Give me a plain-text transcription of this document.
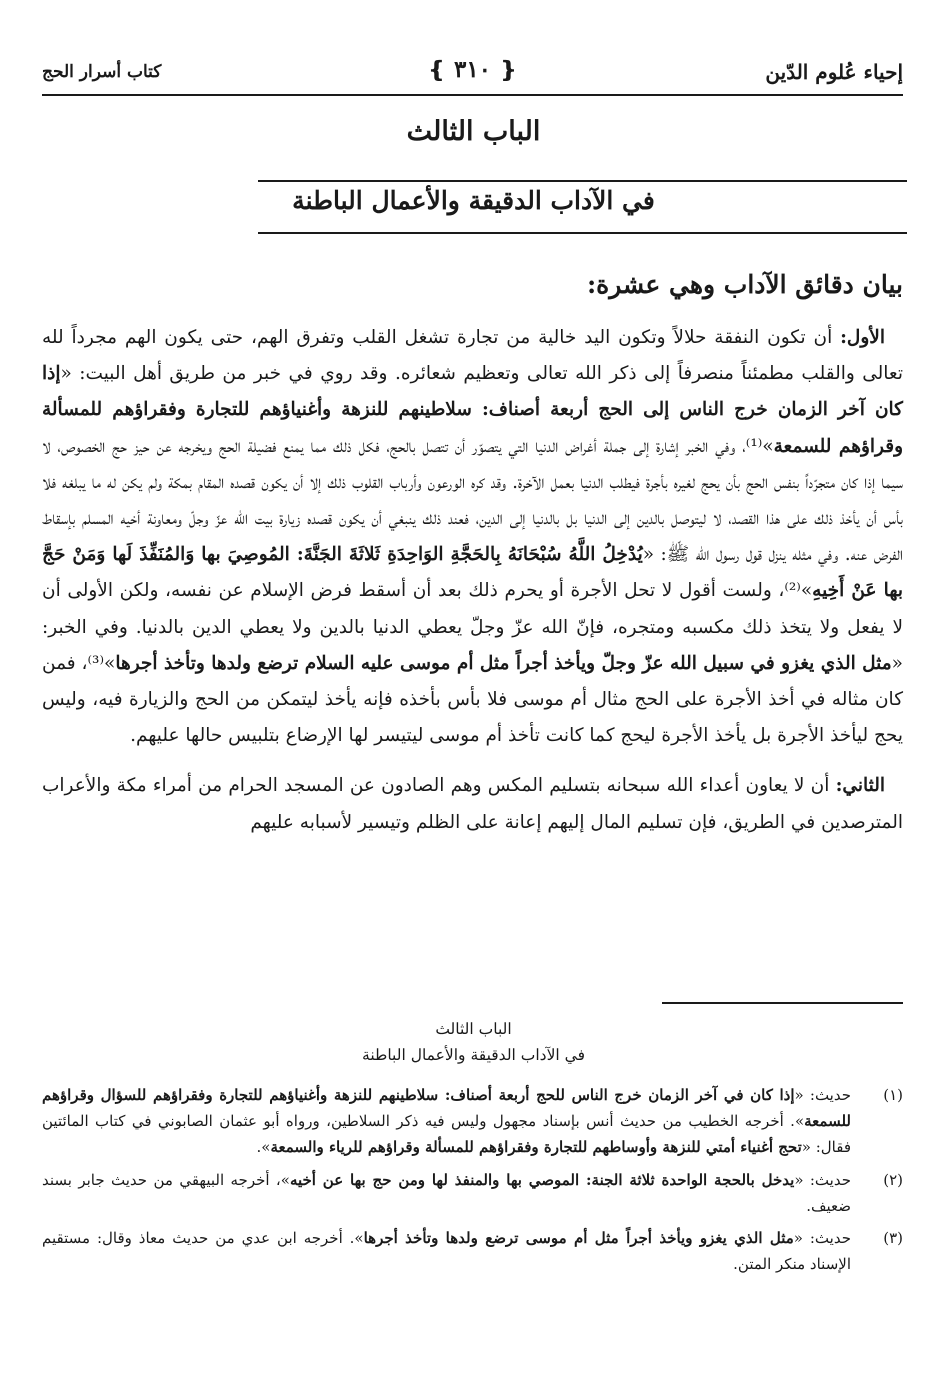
إحياء عُلوم الدّين
❴ ٣١٠ ❵
كتاب أسرار الحج
الباب الثالث
في الآداب الدقيقة والأعمال الباطنة
بيان دقائق الآداب وهي عشرة:

الأول: أن تكون النفقة حلالاً وتكون اليد خالية من تجارة تشغل القلب وتفرق الهم، حتى يكون الهم مجرداً لله تعالى والقلب مطمئناً منصرفاً إلى ذكر الله تعالى وتعظيم شعائره. وقد روي في خبر من طريق أهل البيت: «إذا كان آخر الزمان خرج الناس إلى الحج أربعة أصناف: سلاطينهم للنزهة وأغنياؤهم للتجارة وفقراؤهم للمسألة وقراؤهم للسمعة»⁽¹⁾، وفي الخبر إشارة إلى جملة أغراض الدنيا التي يتصوّر أن تتصل بالحج، فكل ذلك مما يمنع فضيلة الحج ويخرجه عن حيز حج الخصوص، لا سيما إذا كان متجرّداً بنفس الحج بأن يحج لغيره بأجرة فيطلب الدنيا بعمل الآخرة. وقد كره الورعون وأرباب القلوب ذلك إلا أن يكون قصده المقام بمكة ولم يكن له ما يبلغه فلا بأس أن يأخذ ذلك على هذا القصد، لا ليتوصل بالدين إلى الدنيا بل بالدنيا إلى الدين، فعند ذلك ينبغي أن يكون قصده زيارة بيت الله عزّ وجلّ ومعاونة أخيه المسلم بإسقاط الفرض عنه. وفي مثله ينزل قول رسول الله ﷺ: «يُدْخِلُ اللَّهُ سُبْحَانَهُ بِالحَجَّةِ الوَاحِدَةِ ثَلاثَةَ الجَنَّةَ: المُوصِيَ بها وَالمُنَفِّذَ لَها وَمَنْ حَجَّ بها عَنْ أَخِيهِ»⁽²⁾، ولست أقول لا تحل الأجرة أو يحرم ذلك بعد أن أسقط فرض الإسلام عن نفسه، ولكن الأولى أن لا يفعل ولا يتخذ ذلك مكسبه ومتجره، فإنّ الله عزّ وجلّ يعطي الدنيا بالدين ولا يعطي الدين بالدنيا. وفي الخبر: «مثل الذي يغزو في سبيل الله عزّ وجلّ ويأخذ أجراً مثل أم موسى عليه السلام ترضع ولدها وتأخذ أجرها»⁽³⁾، فمن كان مثاله في أخذ الأجرة على الحج مثال أم موسى فلا بأس بأخذه فإنه يأخذ ليتمكن من الحج والزيارة فيه، وليس يحج ليأخذ الأجرة بل يأخذ الأجرة ليحج كما كانت تأخذ أم موسى ليتيسر لها الإرضاع بتلبيس حالها عليهم.

الثاني: أن لا يعاون أعداء الله سبحانه بتسليم المكس وهم الصادون عن المسجد الحرام من أمراء مكة والأعراب المترصدين في الطريق، فإن تسليم المال إليهم إعانة على الظلم وتيسير لأسبابه عليهم

الباب الثالث
في الآداب الدقيقة والأعمال الباطنة
(١)
حديث: «إذا كان في آخر الزمان خرج الناس للحج أربعة أصناف: سلاطينهم للنزهة وأغنياؤهم للتجارة وفقراؤهم للسؤال وقراؤهم للسمعة». أخرجه الخطيب من حديث أنس بإسناد مجهول وليس فيه ذكر السلاطين، ورواه أبو عثمان الصابوني في كتاب المائتين فقال: «تحج أغنياء أمتي للنزهة وأوساطهم للتجارة وفقراؤهم للمسألة وقراؤهم للرياء والسمعة».
(٢)
حديث: «يدخل بالحجة الواحدة ثلاثة الجنة: الموصي بها والمنفذ لها ومن حج بها عن أخيه»، أخرجه البيهقي من حديث جابر بسند ضعيف.
(٣)
حديث: «مثل الذي يغزو ويأخذ أجراً مثل أم موسى ترضع ولدها وتأخذ أجرها». أخرجه ابن عدي من حديث معاذ وقال: مستقيم الإسناد منكر المتن.
